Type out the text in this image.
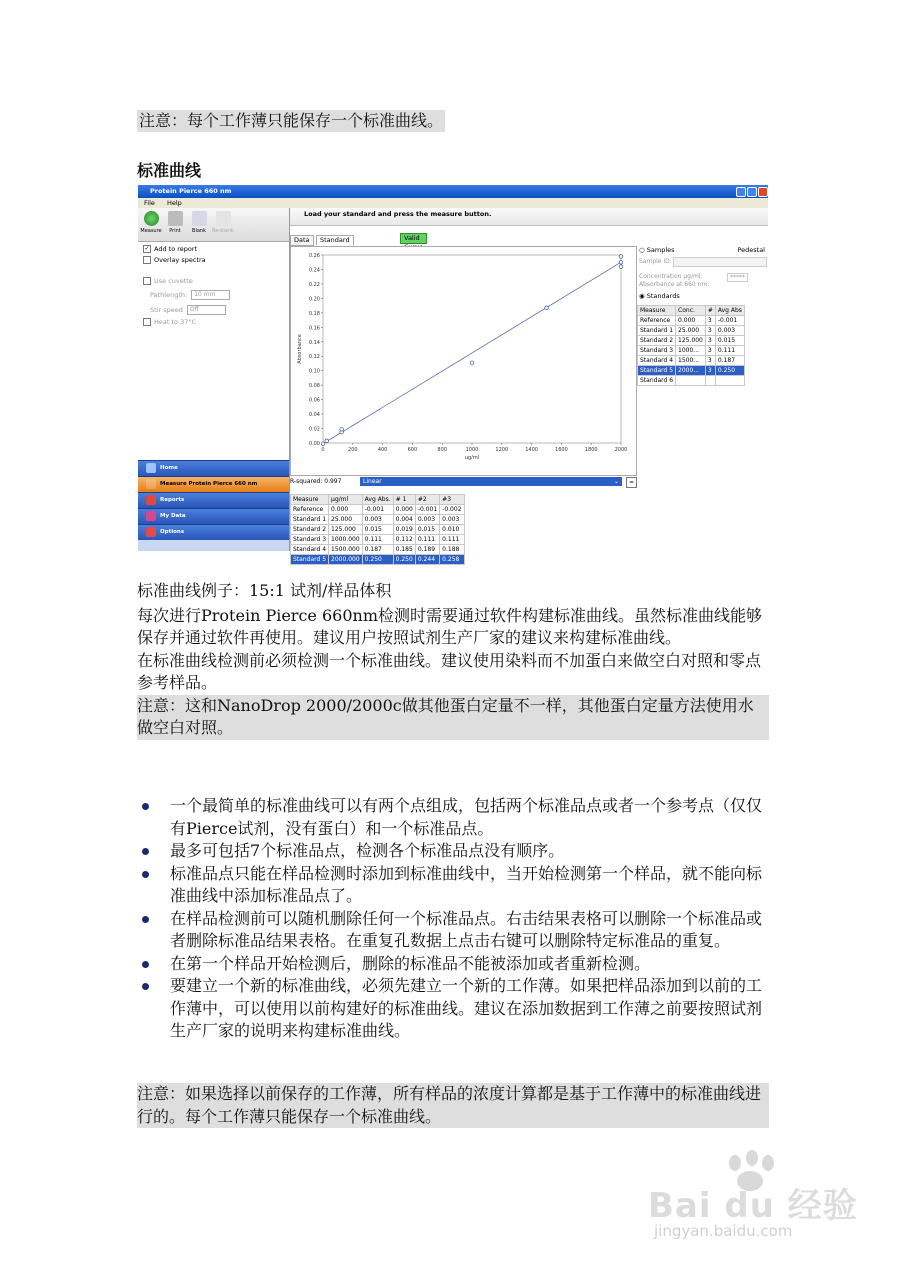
注意：每个工作薄只能保存一个标准曲线。
标准曲线
Protein Pierce 660 nm
File Help
Measure	Print	Blank	Re-blank
✓ Add to report
Overlay spectra
Use cuvette
Pathlength: 10 mm
Stir speed Off
Heat to 37°C
Home
Measure Protein Pierce 660 nm
Reports
My Data
Options
Load your standard and press the measure button.
Data	Standard	Valid
0.00
0.02
0.04
0.06
0.08
0.10
0.12
0.14
0.16
0.18
0.20
0.22
0.24
0.26
0	200	400	600	800	1000	1200	1400	1600	1800	2000
ug/ml
Absorbance
R-squared: 0.997	Linear	⌄	≈
Measure	µg/ml	Avg Abs.	# 1	#2	#3
Reference	0.000	-0.001	0.000	-0.001	-0.002
Standard 1	25.000	0.003	0.004	0.003	0.003
Standard 2	125.000	0.015	0.019	0.015	0.010
Standard 3	1000.000	0.111	0.112	0.111	0.111
Standard 4	1500.000	0.187	0.185	0.189	0.188
Standard 5	2000.000	0.250	0.250	0.244	0.258
○ Samples	Pedestal
Sample ID:
Concentration µg/ml:	*****
Absorbance at 660 nm:
◉ Standards
Measure	Conc.	#	Avg Abs
Reference	0.000	3	-0.001
Standard 1	25.000	3	0.003
Standard 2	125.000	3	0.015
Standard 3	1000...	3	0.111
Standard 4	1500...	3	0.187
Standard 5	2000...	3	0.250
Standard 6			

标准曲线例子：15:1 试剂/样品体积

每次进行Protein Pierce 660nm检测时需要通过软件构建标准曲线。虽然标准曲线能够保存并通过软件再使用。建议用户按照试剂生产厂家的建议来构建标准曲线。

在标准曲线检测前必须检测一个标准曲线。建议使用染料而不加蛋白来做空白对照和零点参考样品。

注意：这和NanoDrop 2000/2000c做其他蛋白定量不一样，其他蛋白定量方法使用水做空白对照。

一个最简单的标准曲线可以有两个点组成，包括两个标准品点或者一个参考点（仅仅有Pierce试剂，没有蛋白）和一个标准品点。
最多可包括7个标准品点，检测各个标准品点没有顺序。
标准品点只能在样品检测时添加到标准曲线中，当开始检测第一个样品，就不能向标准曲线中添加标准品点了。
在样品检测前可以随机删除任何一个标准品点。右击结果表格可以删除一个标准品或者删除标准品结果表格。在重复孔数据上点击右键可以删除特定标准品的重复。
在第一个样品开始检测后，删除的标准品不能被添加或者重新检测。
要建立一个新的标准曲线，必须先建立一个新的工作薄。如果把样品添加到以前的工作薄中，可以使用以前构建好的标准曲线。建议在添加数据到工作薄之前要按照试剂生产厂家的说明来构建标准曲线。

注意：如果选择以前保存的工作薄，所有样品的浓度计算都是基于工作薄中的标准曲线进行的。每个工作薄只能保存一个标准曲线。

Bai du 经验
jingyan.baidu.com
